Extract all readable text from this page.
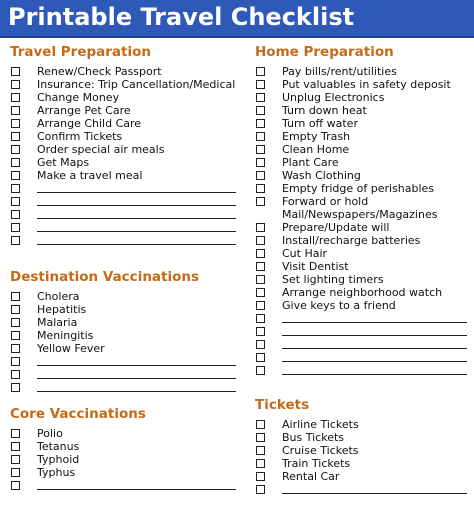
Printable Travel Checklist
Travel Preparation
Renew/Check Passport
Insurance: Trip Cancellation/Medical
Change Money
Arrange Pet Care
Arrange Child Care
Confirm Tickets
Order special air meals
Get Maps
Make a travel meal
Destination Vaccinations
Cholera
Hepatitis
Malaria
Meningitis
Yellow Fever
Core Vaccinations
Polio
Tetanus
Typhoid
Typhus
Home Preparation
Pay bills/rent/utilities
Put valuables in safety deposit
Unplug Electronics
Turn down heat
Turn off water
Empty Trash
Clean Home
Plant Care
Wash Clothing
Empty fridge of perishables
Forward or hold Mail/Newspapers/Magazines
Prepare/Update will
Install/recharge batteries
Cut Hair
Visit Dentist
Set lighting timers
Arrange neighborhood watch
Give keys to a friend
Tickets
Airline Tickets
Bus Tickets
Cruise Tickets
Train Tickets
Rental Car
